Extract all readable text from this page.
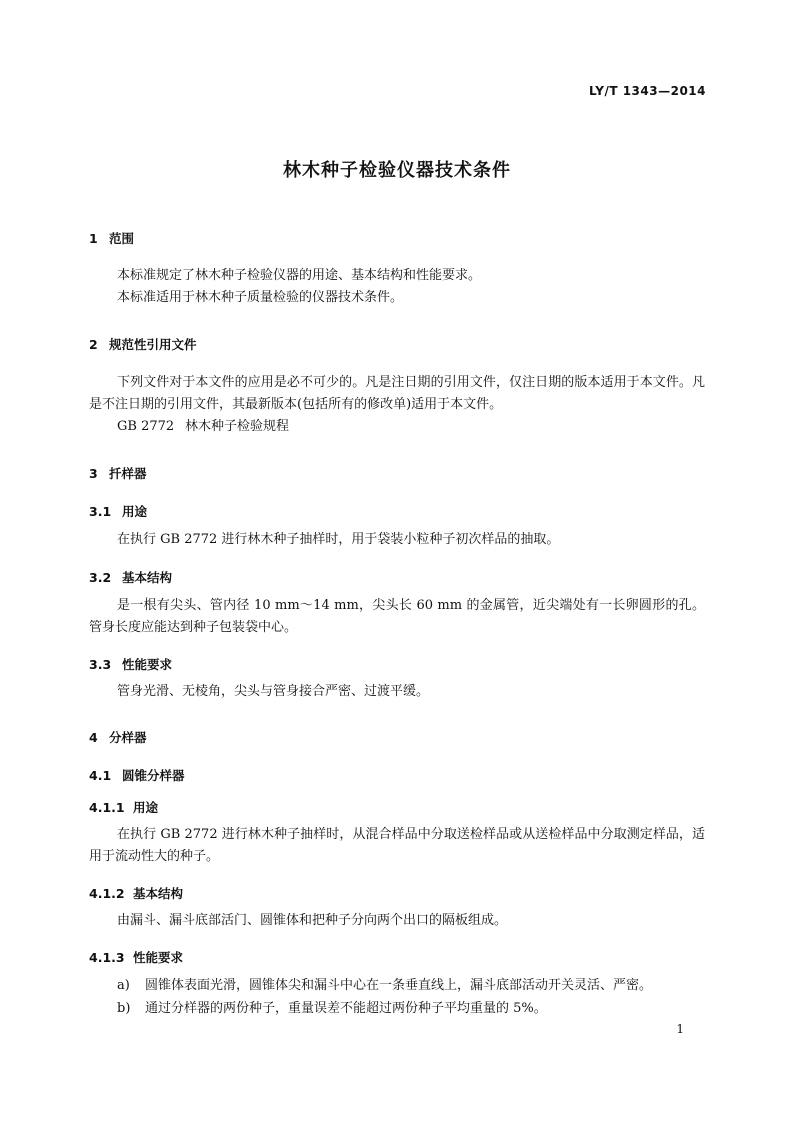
LY/T 1343—2014
林木种子检验仪器技术条件
1 范围
本标准规定了林木种子检验仪器的用途、基本结构和性能要求。
本标准适用于林木种子质量检验的仪器技术条件。
2 规范性引用文件
下列文件对于本文件的应用是必不可少的。凡是注日期的引用文件，仅注日期的版本适用于本文件。凡是不注日期的引用文件，其最新版本(包括所有的修改单)适用于本文件。
GB 2772 林木种子检验规程
3 扦样器
3.1 用途
在执行 GB 2772 进行林木种子抽样时，用于袋装小粒种子初次样品的抽取。
3.2 基本结构
是一根有尖头、管内径 10 mm～14 mm，尖头长 60 mm 的金属管，近尖端处有一长卵圆形的孔。管身长度应能达到种子包装袋中心。
3.3 性能要求
管身光滑、无棱角，尖头与管身接合严密、过渡平缓。
4 分样器
4.1 圆锥分样器
4.1.1 用途
在执行 GB 2772 进行林木种子抽样时，从混合样品中分取送检样品或从送检样品中分取测定样品，适用于流动性大的种子。
4.1.2 基本结构
由漏斗、漏斗底部活门、圆锥体和把种子分向两个出口的隔板组成。
4.1.3 性能要求
a) 圆锥体表面光滑，圆锥体尖和漏斗中心在一条垂直线上，漏斗底部活动开关灵活、严密。
b) 通过分样器的两份种子，重量误差不能超过两份种子平均重量的 5%。
1
